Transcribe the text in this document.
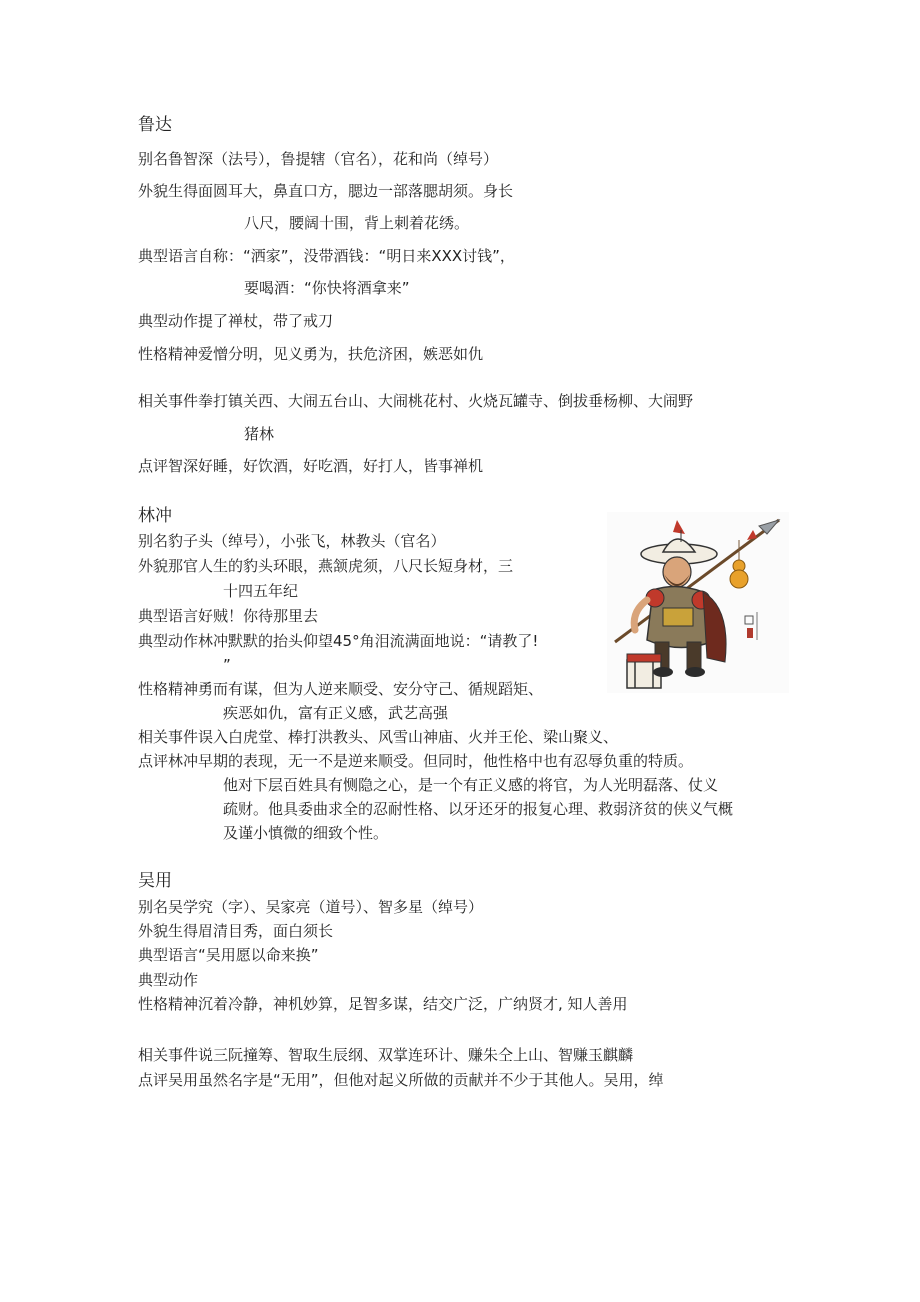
鲁达
别名鲁智深（法号），鲁提辖（官名），花和尚（绰号）
外貌生得面圆耳大，鼻直口方，腮边一部落腮胡须。身长
八尺，腰阔十围，背上刺着花绣。
典型语言自称：“洒家”，没带酒钱：“明日来XXX讨钱”，
要喝酒：“你快将酒拿来”
典型动作提了禅杖，带了戒刀
性格精神爱憎分明，见义勇为，扶危济困，嫉恶如仇
相关事件拳打镇关西、大闹五台山、大闹桃花村、火烧瓦罐寺、倒拔垂杨柳、大闹野
猪林
点评智深好睡，好饮酒，好吃酒，好打人，皆事禅机
林冲
别名豹子头（绰号），小张飞，林教头（官名）
外貌那官人生的豹头环眼，燕颔虎须，八尺长短身材，三
十四五年纪
典型语言好贼！你待那里去
典型动作林冲默默的抬头仰望45°角泪流满面地说：“请教了!
”
性格精神勇而有谋，但为人逆来顺受、安分守己、循规蹈矩、
疾恶如仇，富有正义感，武艺高强
相关事件误入白虎堂、棒打洪教头、风雪山神庙、火并王伦、梁山聚义、
点评林冲早期的表现，无一不是逆来顺受。但同时，他性格中也有忍辱负重的特质。
他对下层百姓具有恻隐之心，是一个有正义感的将官，为人光明磊落、仗义
疏财。他具委曲求全的忍耐性格、以牙还牙的报复心理、救弱济贫的侠义气概
及谨小慎微的细致个性。
吴用
别名吴学究（字）、吴家亮（道号）、智多星（绰号）
外貌生得眉清目秀，面白须长
典型语言“吴用愿以命来换”
典型动作
性格精神沉着冷静，神机妙算，足智多谋，结交广泛，广纳贤才, 知人善用
相关事件说三阮撞筹、智取生辰纲、双掌连环计、赚朱仝上山、智赚玉麒麟
点评吴用虽然名字是“无用”，但他对起义所做的贡献并不少于其他人。吴用，绰
